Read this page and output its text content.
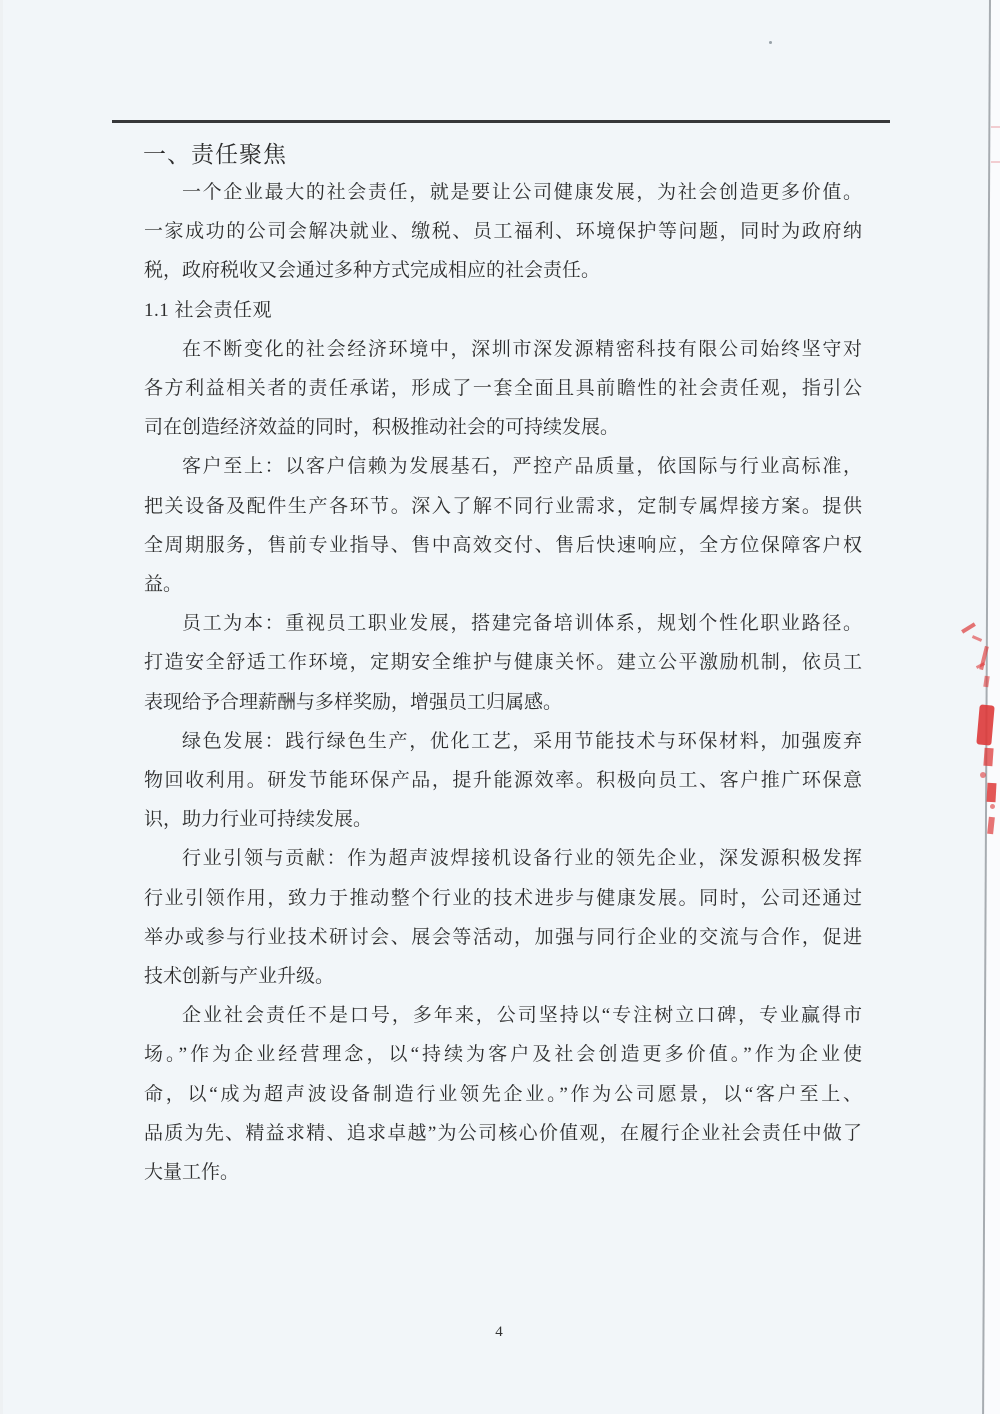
一、责任聚焦
一个企业最大的社会责任，就是要让公司健康发展，为社会创造更多价值。
一家成功的公司会解决就业、缴税、员工福利、环境保护等问题，同时为政府纳
税，政府税收又会通过多种方式完成相应的社会责任。
1.1 社会责任观
在不断变化的社会经济环境中，深圳市深发源精密科技有限公司始终坚守对
各方利益相关者的责任承诺，形成了一套全面且具前瞻性的社会责任观，指引公
司在创造经济效益的同时，积极推动社会的可持续发展。
客户至上：以客户信赖为发展基石，严控产品质量，依国际与行业高标准，
把关设备及配件生产各环节。深入了解不同行业需求，定制专属焊接方案。提供
全周期服务，售前专业指导、售中高效交付、售后快速响应，全方位保障客户权
益。
员工为本：重视员工职业发展，搭建完备培训体系，规划个性化职业路径。
打造安全舒适工作环境，定期安全维护与健康关怀。建立公平激励机制，依员工
表现给予合理薪酬与多样奖励，增强员工归属感。
绿色发展：践行绿色生产，优化工艺，采用节能技术与环保材料，加强废弃
物回收利用。研发节能环保产品，提升能源效率。积极向员工、客户推广环保意
识，助力行业可持续发展。
行业引领与贡献：作为超声波焊接机设备行业的领先企业，深发源积极发挥
行业引领作用，致力于推动整个行业的技术进步与健康发展。同时，公司还通过
举办或参与行业技术研讨会、展会等活动，加强与同行企业的交流与合作，促进
技术创新与产业升级。
企业社会责任不是口号，多年来，公司坚持以“专注树立口碑，专业赢得市
场。”作为企业经营理念，以“持续为客户及社会创造更多价值。”作为企业使
命，以“成为超声波设备制造行业领先企业。”作为公司愿景，以“客户至上、
品质为先、精益求精、追求卓越”为公司核心价值观，在履行企业社会责任中做了
大量工作。
4
